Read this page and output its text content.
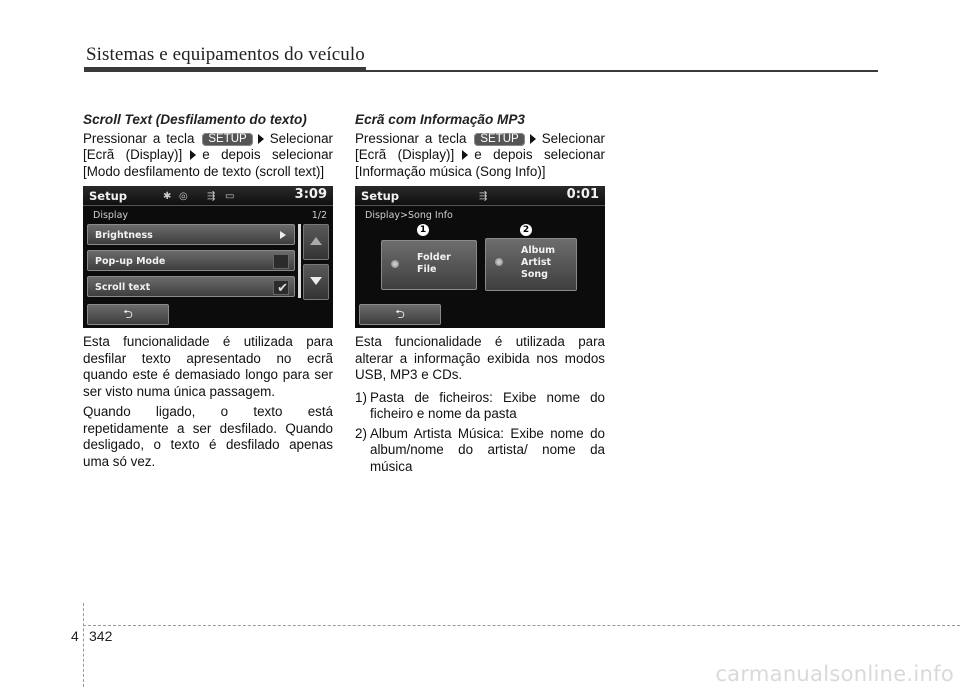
Sistemas e equipamentos do veículo
Scroll Text (Desfilamento do texto)
Pressionar a tecla SETUP Selecionar
[Ecrã (Display)] e depois selecionar
[Modo desfilamento de texto (scroll text)]
Setup	✱ ◎ ⇶ ▭	3:09
Display	1/2
Brightness
Pop-up Mode
Scroll text	✔
⮌

Esta funcionalidade é utilizada para desfilar texto apresentado no ecrã quando este é demasiado longo para ser ser visto numa única passagem.

Quando ligado, o texto está repetidamente a ser desfilado. Quando desligado, o texto é desfilado apenas uma só vez.

Ecrã com Informação MP3
Pressionar a tecla SETUP Selecionar
[Ecrã (Display)] e depois selecionar
[Informação música (Song Info)]
Setup	⇶	0:01
Display>Song Info
1	2
Folder
File
Album
Artist
Song
⮌

Esta funcionalidade é utilizada para alterar a informação exibida nos modos USB, MP3 e CDs.

1) Pasta de ficheiros: Exibe nome do ficheiro e nome da pasta
2) Album Artista Música: Exibe nome do album/nome do artista/ nome da música
4 342
carmanualsonline.info
